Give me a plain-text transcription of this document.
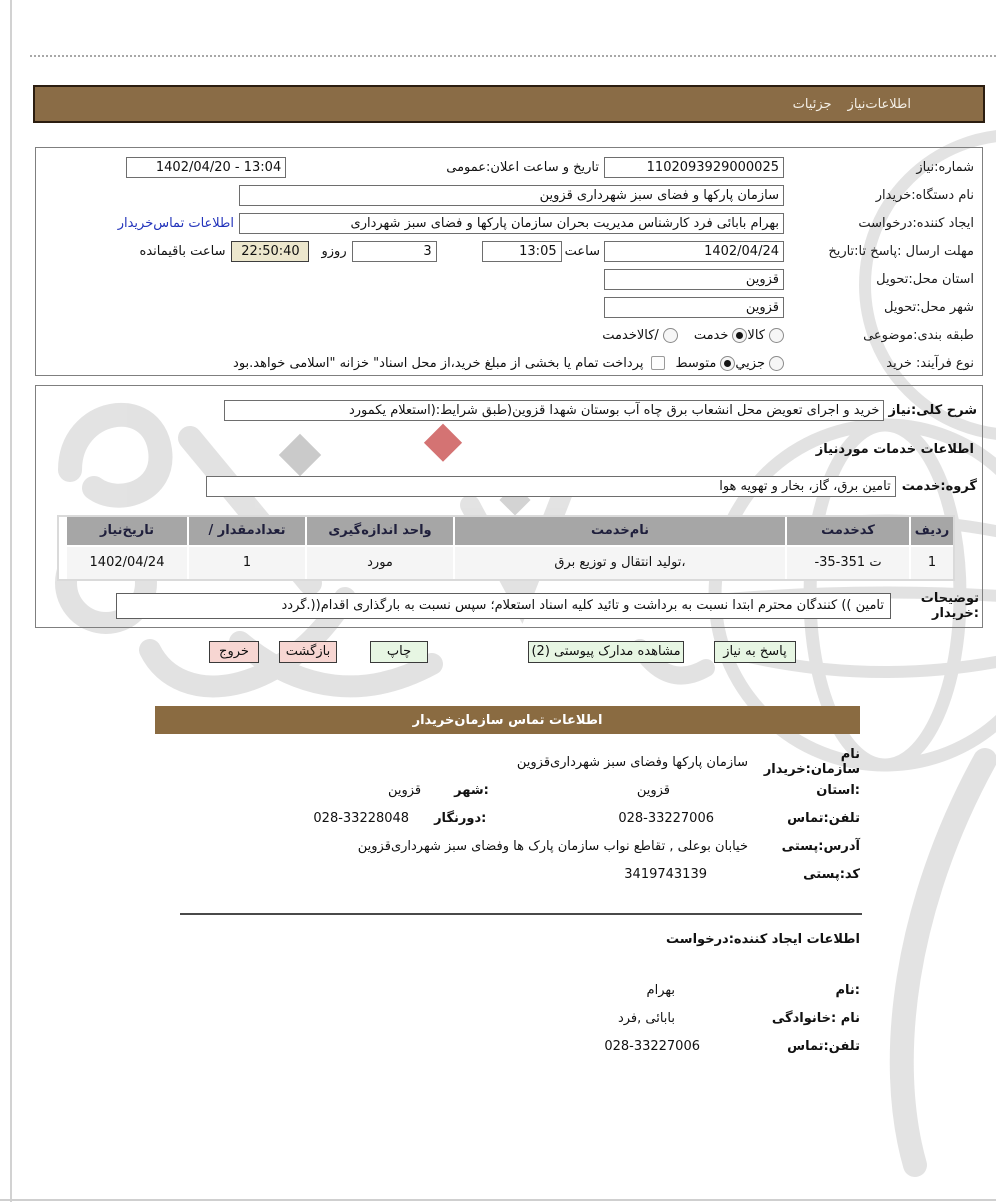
اطلاعات‌نیاز
جزئیات
شماره:نیاز
1102093929000025
تاریخ و ساعت اعلان:عمومی
1402/04/20 - 13:04
نام دستگاه:خریدار
سازمان پارکها و فضای سبز شهرداری قزوین
ایجاد کننده:درخواست
بهرام بابائی فرد کارشناس مدیریت بحران سازمان پارکها و فضای سبز شهرداری
اطلاعات تماس‌خریدار
مهلت ارسال :پاسخ تا:تاریخ
1402/04/24
ساعت
13:05
3
روزو
22:50:40
ساعت باقیمانده
استان محل:تحویل
قزوین
شهر محل:تحویل
قزوین
طبقه بندی:موضوعی
کالا
خدمت
/کالاخدمت
نوع فرآیند: خرید
جزیي
متوسط
پرداخت تمام یا بخشی از مبلغ خرید،از محل اسناد" خزانه "اسلامی خواهد.بود
شرح کلی:نیاز
خرید و اجرای تعویض محل انشعاب برق چاه آب بوستان شهدا قزوین(طبق شرایط:(استعلام یکمورد
اطلاعات خدمات موردنیاز
گروه:خدمت
تامین برق، گاز، بخار و تهویه هوا
ردیف
کدخدمت
نام‌خدمت
واحد اندازه‌گیری
/ تعدادمقدار
تاریخ‌نیاز
1
-35-351 ت
،تولید انتقال و توزیع برق
مورد
1
1402/04/24
توضیحات
:خریدار
تامین )) کنندگان محترم ابتدا نسبت به برداشت و تائید کلیه اسناد استعلام؛ سپس نسبت به بارگذاری اقدام((.گردد
پاسخ به نیاز
مشاهده مدارک پیوستی (2)
چاپ
بازگشت
خروج
اطلاعات تماس سازمان‌خریدار
نام سازمان:خریدار
سازمان پارکها وفضای سبز شهرداری‌قزوین
:استان
قزوین
:شهر
قزوین
تلفن:تماس
028-33227006
:دورنگار
028-33228048
آدرس:پستی
خیابان بوعلی , تقاطع نواب سازمان پارک ها وفضای سبز شهرداری‌قزوین
کد:پستی
3419743139
اطلاعات ایجاد کننده:درخواست
:نام
بهرام
نام :خانوادگی
بابائی ,فرد
تلفن:تماس
028-33227006
